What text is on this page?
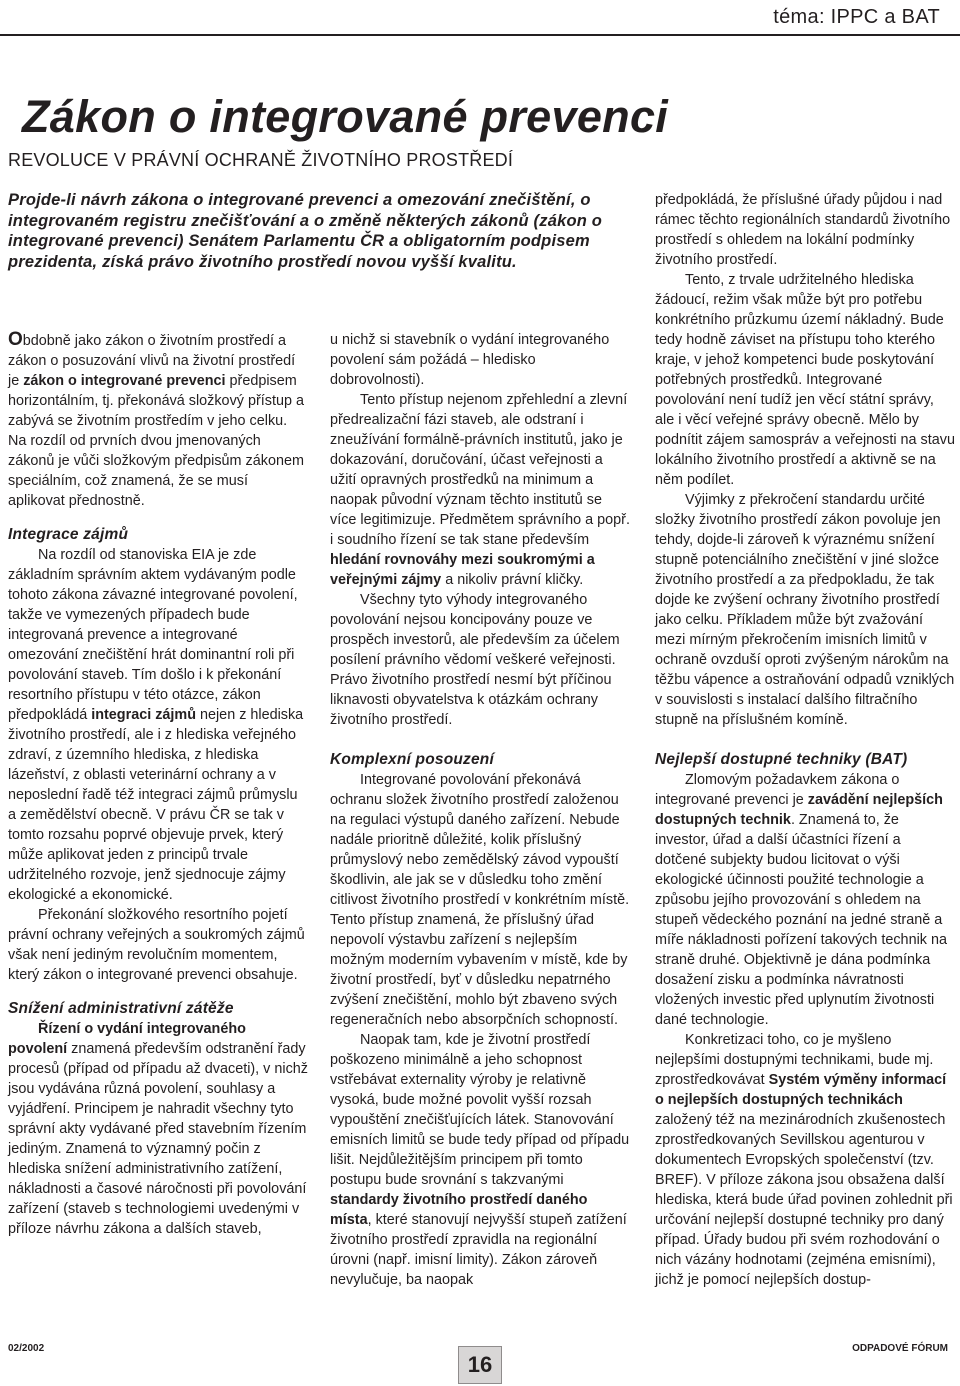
téma: IPPC a BAT
Zákon o integrované prevenci
REVOLUCE V PRÁVNÍ OCHRANĚ ŽIVOTNÍHO PROSTŘEDÍ

Projde-li návrh zákona o integrované prevenci a omezování znečištění, o integrovaném registru znečišťování a o změně některých zákonů (zákon o integrované prevenci) Senátem Parlamentu ČR a obligatorním podpisem prezidenta, získá právo životního prostředí novou vyšší kvalitu.

Obdobně jako zákon o životním prostředí a zákon o posuzování vlivů na životní prostředí je zákon o integrované prevenci předpisem horizontálním, tj. překonává složkový přístup a zabývá se životním prostředím v jeho celku. Na rozdíl od prvních dvou jmenovaných zákonů je vůči složkovým předpisům zákonem speciálním, což znamená, že se musí aplikovat přednostně.

Integrace zájmů

Na rozdíl od stanoviska EIA je zde základním správním aktem vydávaným podle tohoto zákona závazné integrované povolení, takže ve vymezených případech bude integrovaná prevence a integrované omezování znečištění hrát dominantní roli při povolování staveb. Tím došlo i k překonání resortního přístupu v této otázce, zákon předpokládá integraci zájmů nejen z hlediska životního prostředí, ale i z hlediska veřejného zdraví, z územního hlediska, z hlediska lázeňství, z oblasti veterinární ochrany a v neposlední řadě též integraci zájmů průmyslu a zemědělství obecně. V právu ČR se tak v tomto rozsahu poprvé objevuje prvek, který může aplikovat jeden z principů trvale udržitelného rozvoje, jenž sjednocuje zájmy ekologické a ekonomické.

Překonání složkového resortního pojetí právní ochrany veřejných a soukromých zájmů však není jediným revolučním momentem, který zákon o integrované prevenci obsahuje.

Snížení administrativní zátěže

Řízení o vydání integrovaného povolení znamená především odstranění řady procesů (případ od případu až dvaceti), v nichž jsou vydávána různá povolení, souhlasy a vyjádření. Principem je nahradit všechny tyto správní akty vydávané před stavebním řízením jediným. Znamená to významný počin z hlediska snížení administrativního zatížení, nákladnosti a časové náročnosti při povolování zařízení (staveb s technologiemi uvedenými v příloze návrhu zákona a dalších staveb,

u nichž si stavebník o vydání integrovaného povolení sám požádá – hledisko dobrovolnosti).

Tento přístup nejenom zpřehlední a zlevní předrealizační fázi staveb, ale odstraní i zneužívání formálně-právních institutů, jako je dokazování, doručování, účast veřejnosti a užití opravných prostředků na minimum a naopak původní význam těchto institutů se více legitimizuje. Předmětem správního a popř. i soudního řízení se tak stane především hledání rovnováhy mezi soukromými a veřejnými zájmy a nikoliv právní kličky.

Všechny tyto výhody integrovaného povolování nejsou koncipovány pouze ve prospěch investorů, ale především za účelem posílení právního vědomí veškeré veřejnosti. Právo životního prostředí nesmí být příčinou liknavosti obyvatelstva k otázkám ochrany životního prostředí.

Komplexní posouzení

Integrované povolování překonává ochranu složek životního prostředí založenou na regulaci výstupů daného zařízení. Nebude nadále prioritně důležité, kolik příslušný průmyslový nebo zemědělský závod vypouští škodlivin, ale jak se v důsledku toho změní citlivost životního prostředí v konkrétním místě. Tento přístup znamená, že příslušný úřad nepovolí výstavbu zařízení s nejlepším možným moderním vybavením v místě, kde by životní prostředí, byť v důsledku nepatrného zvýšení znečištění, mohlo být zbaveno svých regeneračních nebo absorpčních schopností.

Naopak tam, kde je životní prostředí poškozeno minimálně a jeho schopnost vstřebávat externality výroby je relativně vysoká, bude možné povolit vyšší rozsah vypouštění znečišťujících látek. Stanovování emisních limitů se bude tedy případ od případu lišit. Nejdůležitějším principem při tomto postupu bude srovnání s takzvanými standardy životního prostředí daného místa, které stanovují nejvyšší stupeň zatížení životního prostředí zpravidla na regionální úrovni (např. imisní limity). Zákon zároveň nevylučuje, ba naopak

předpokládá, že příslušné úřady půjdou i nad rámec těchto regionálních standardů životního prostředí s ohledem na lokální podmínky životního prostředí.

Tento, z trvale udržitelného hlediska žádoucí, režim však může být pro potřebu konkrétního průzkumu území nákladný. Bude tedy hodně záviset na přístupu toho kterého kraje, v jehož kompetenci bude poskytování potřebných prostředků. Integrované povolování není tudíž jen věcí státní správy, ale i věcí veřejné správy obecně. Mělo by podnítit zájem samospráv a veřejnosti na stavu lokálního životního prostředí a aktivně se na něm podílet.

Výjimky z překročení standardu určité složky životního prostředí zákon povoluje jen tehdy, dojde-li zároveň k výraznému snížení stupně potenciálního znečištění v jiné složce životního prostředí a za předpokladu, že tak dojde ke zvýšení ochrany životního prostředí jako celku. Příkladem může být zvažování mezi mírným překročením imisních limitů v ochraně ovzduší oproti zvýšeným nárokům na těžbu vápence a ostraňování odpadů vzniklých v souvislosti s instalací dalšího filtračního stupně na příslušném komíně.

Nejlepší dostupné techniky (BAT)

Zlomovým požadavkem zákona o integrované prevenci je zavádění nejlepších dostupných technik. Znamená to, že investor, úřad a další účastníci řízení a dotčené subjekty budou licitovat o výši ekologické účinnosti použité technologie a způsobu jejího provozování s ohledem na stupeň vědeckého poznání na jedné straně a míře nákladnosti pořízení takových technik na straně druhé. Objektivně je dána podmínka dosažení zisku a podmínka návratnosti vložených investic před uplynutím životnosti dané technologie.

Konkretizaci toho, co je myšleno nejlepšími dostupnými technikami, bude mj. zprostředkovávat Systém výměny informací o nejlepších dostupných technikách založený též na mezinárodních zkušenostech zprostředkovaných Sevillskou agenturou v dokumentech Evropských společenství (tzv. BREF). V příloze zákona jsou obsažena další hlediska, která bude úřad povinen zohlednit při určování nejlepší dostupné techniky pro daný případ. Úřady budou při svém rozhodování o nich vázány hodnotami (zejména emisními), jichž je pomocí nejlepších dostup-

02/2002
16
ODPADOVÉ FÓRUM
